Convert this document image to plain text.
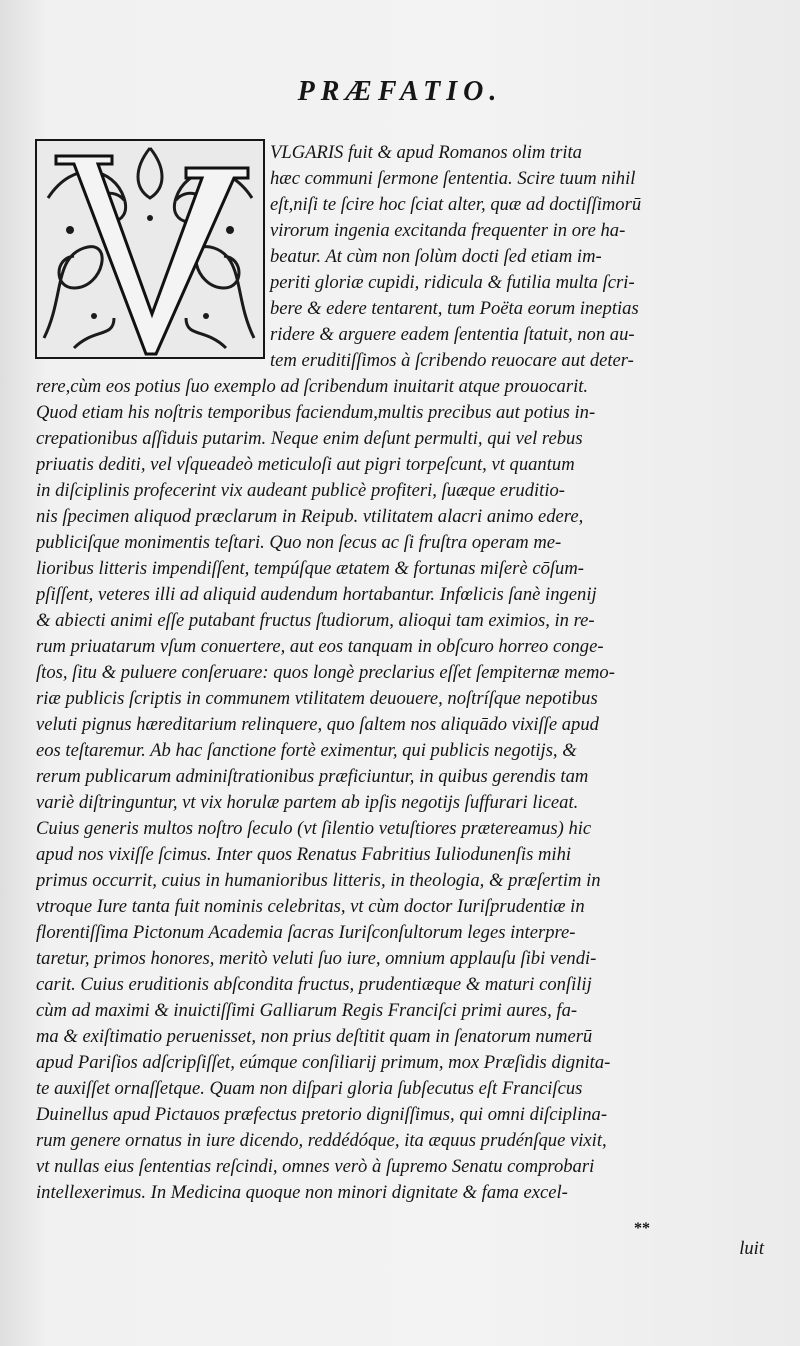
PRÆFATIO.
VLGARIS fuit & apud Romanos olim trita
hæc communi ſermone ſententia. Scire tuum nihil
eſt,niſi te ſcire hoc ſciat alter, quæ ad doctiſſimorū
virorum ingenia excitanda frequenter in ore ha-
beatur. At cùm non ſolùm docti ſed etiam im-
periti gloriæ cupidi, ridicula & futilia multa ſcri-
bere & edere tentarent, tum Poëta eorum ineptias
ridere & arguere eadem ſententia ſtatuit, non au-
tem eruditiſſimos à ſcribendo reuocare aut deter-
rere,cùm eos potius ſuo exemplo ad ſcribendum inuitarit atque prouocarit.
Quod etiam his noſtris temporibus faciendum,multis precibus aut potius in-
crepationibus aſſiduis putarim. Neque enim deſunt permulti, qui vel rebus
priuatis dediti, vel vſqueadeò meticuloſi aut pigri torpeſcunt, vt quantum
in diſciplinis profecerint vix audeant publicè profiteri, ſuæque eruditio-
nis ſpecimen aliquod præclarum in Reipub. vtilitatem alacri animo edere,
publiciſque monimentis teſtari. Quo non ſecus ac ſi fruſtra operam me-
lioribus litteris impendiſſent, tempúſque ætatem & fortunas miſerè cōſum-
pſiſſent, veteres illi ad aliquid audendum hortabantur. Infœlicis ſanè ingenij
& abiecti animi eſſe putabant fructus ſtudiorum, alioqui tam eximios, in re-
rum priuatarum vſum conuertere, aut eos tanquam in obſcuro horreo conge-
ſtos, ſitu & puluere conſeruare: quos longè preclarius eſſet ſempiternæ memo-
riæ publicis ſcriptis in communem vtilitatem deuouere, noſtríſque nepotibus
veluti pignus hæreditarium relinquere, quo ſaltem nos aliquādo vixiſſe apud
eos teſtaremur. Ab hac ſanctione fortè eximentur, qui publicis negotijs, &
rerum publicarum adminiſtrationibus præficiuntur, in quibus gerendis tam
variè diſtringuntur, vt vix horulæ partem ab ipſis negotijs ſuffurari liceat.
Cuius generis multos noſtro ſeculo (vt ſilentio vetuſtiores prætereamus) hic
apud nos vixiſſe ſcimus. Inter quos Renatus Fabritius Iuliodunenſis mihi
primus occurrit, cuius in humanioribus litteris, in theologia, & præſertim in
vtroque Iure tanta fuit nominis celebritas, vt cùm doctor Iuriſprudentiæ in
florentiſſima Pictonum Academia ſacras Iuriſconſultorum leges interpre-
taretur, primos honores, meritò veluti ſuo iure, omnium applauſu ſibi vendi-
carit. Cuius eruditionis abſcondita fructus, prudentiæque & maturi conſilij
cùm ad maximi & inuictiſſimi Galliarum Regis Franciſci primi aures, fa-
ma & exiſtimatio peruenisset, non prius deſtitit quam in ſenatorum numerū
apud Pariſios adſcripſiſſet, eúmque conſiliarij primum, mox Præſidis dignita-
te auxiſſet ornaſſetque. Quam non diſpari gloria ſubſecutus eſt Franciſcus
Duinellus apud Pictauos præfectus pretorio digniſſimus, qui omni diſciplina-
rum genere ornatus in iure dicendo, reddédóque, ita æquus prudénſque vixit,
vt nullas eius ſententias reſcindi, omnes verò à ſupremo Senatu comprobari
intellexerimus. In Medicina quoque non minori dignitate & fama excel-
**
luit
